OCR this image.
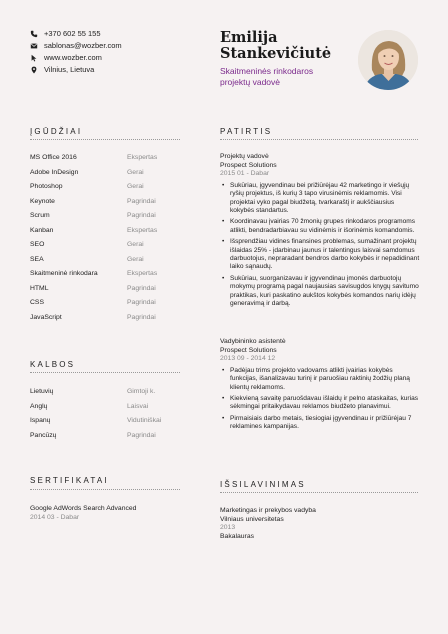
+370 602 55 155
sablonas@wozber.com
www.wozber.com
Vilnius, Lietuva
Emilija
Stankevičiutė
Skaitmeninės rinkodaros projektų vadovė
ĮGŪDŽIAI	PATIRTIS
KALBOS
SERTIFIKATAI	IŠSILAVINIMAS
MS Office 2016	Ekspertas
Adobe InDesign	Gerai
Photoshop	Gerai
Keynote	Pagrindai
Scrum	Pagrindai
Kanban	Ekspertas
SEO	Gerai
SEA	Gerai
Skaitmeninė rinkodara	Ekspertas
HTML	Pagrindai
CSS	Pagrindai
JavaScript	Pagrindai
Lietuvių	Gimtoji k.
Anglų	Laisvai
Ispanų	Vidutiniškai
Pancūzų	Pagrindai
Google AdWords Search Advanced
2014 03 - Dabar
Projektų vadovė
Prospect Solutions
2015 01 - Dabar
• Sukūriau, įgyvendinau bei prižiūrėjau 42 marketingo ir viešųjų ryšių projektus, iš kurių 3 tapo virusinėmis reklamomis. Visi projektai vyko pagal biudžetą, tvarkaraštį ir aukščiausius kokybės standartus.
• Koordinavau įvairias 70 žmonių grupes rinkodaros programoms atlikti, bendradarbiavau su vidinėmis ir išorinėmis komandomis.
• Išsprendžiau vidines finansines problemas, sumažinant projektų išlaidas 25% - įdarbinau jaunus ir talentingus laisvai samdomus darbuotojus, nepraradant bendros darbo kokybės ir nepadidinant laiko sąnaudų.
• Sukūriau, suorganizavau ir įgyvendinau įmonės darbuotojų mokymų programą pagal naujausias savisugdos knygų savitumo praktikas, kuri paskatino aukštos kokybės komandos narių idėjų generavimą ir darbą.
Vadybininko asistentė
Prospect Solutions
2013 09 - 2014 12
• Padėjau trims projekto vadovams atlikti įvairias kokybės funkcijas, išanalizavau turinį ir paruošiau raktinių žodžių planą klientų reklamoms.
• Kiekvieną savaitę paruošdavau išlaidų ir pelno ataskaitas, kurias sėkmingai pritaikydavau reklamos biudžeto planavimui.
• Pirmaisiais darbo metais, tiesiogiai įgyvendinau ir prižiūrėjau 7 reklamines kampanijas.
Marketingas ir prekybos vadyba
Vilniaus universitetas
2013
Bakalauras
